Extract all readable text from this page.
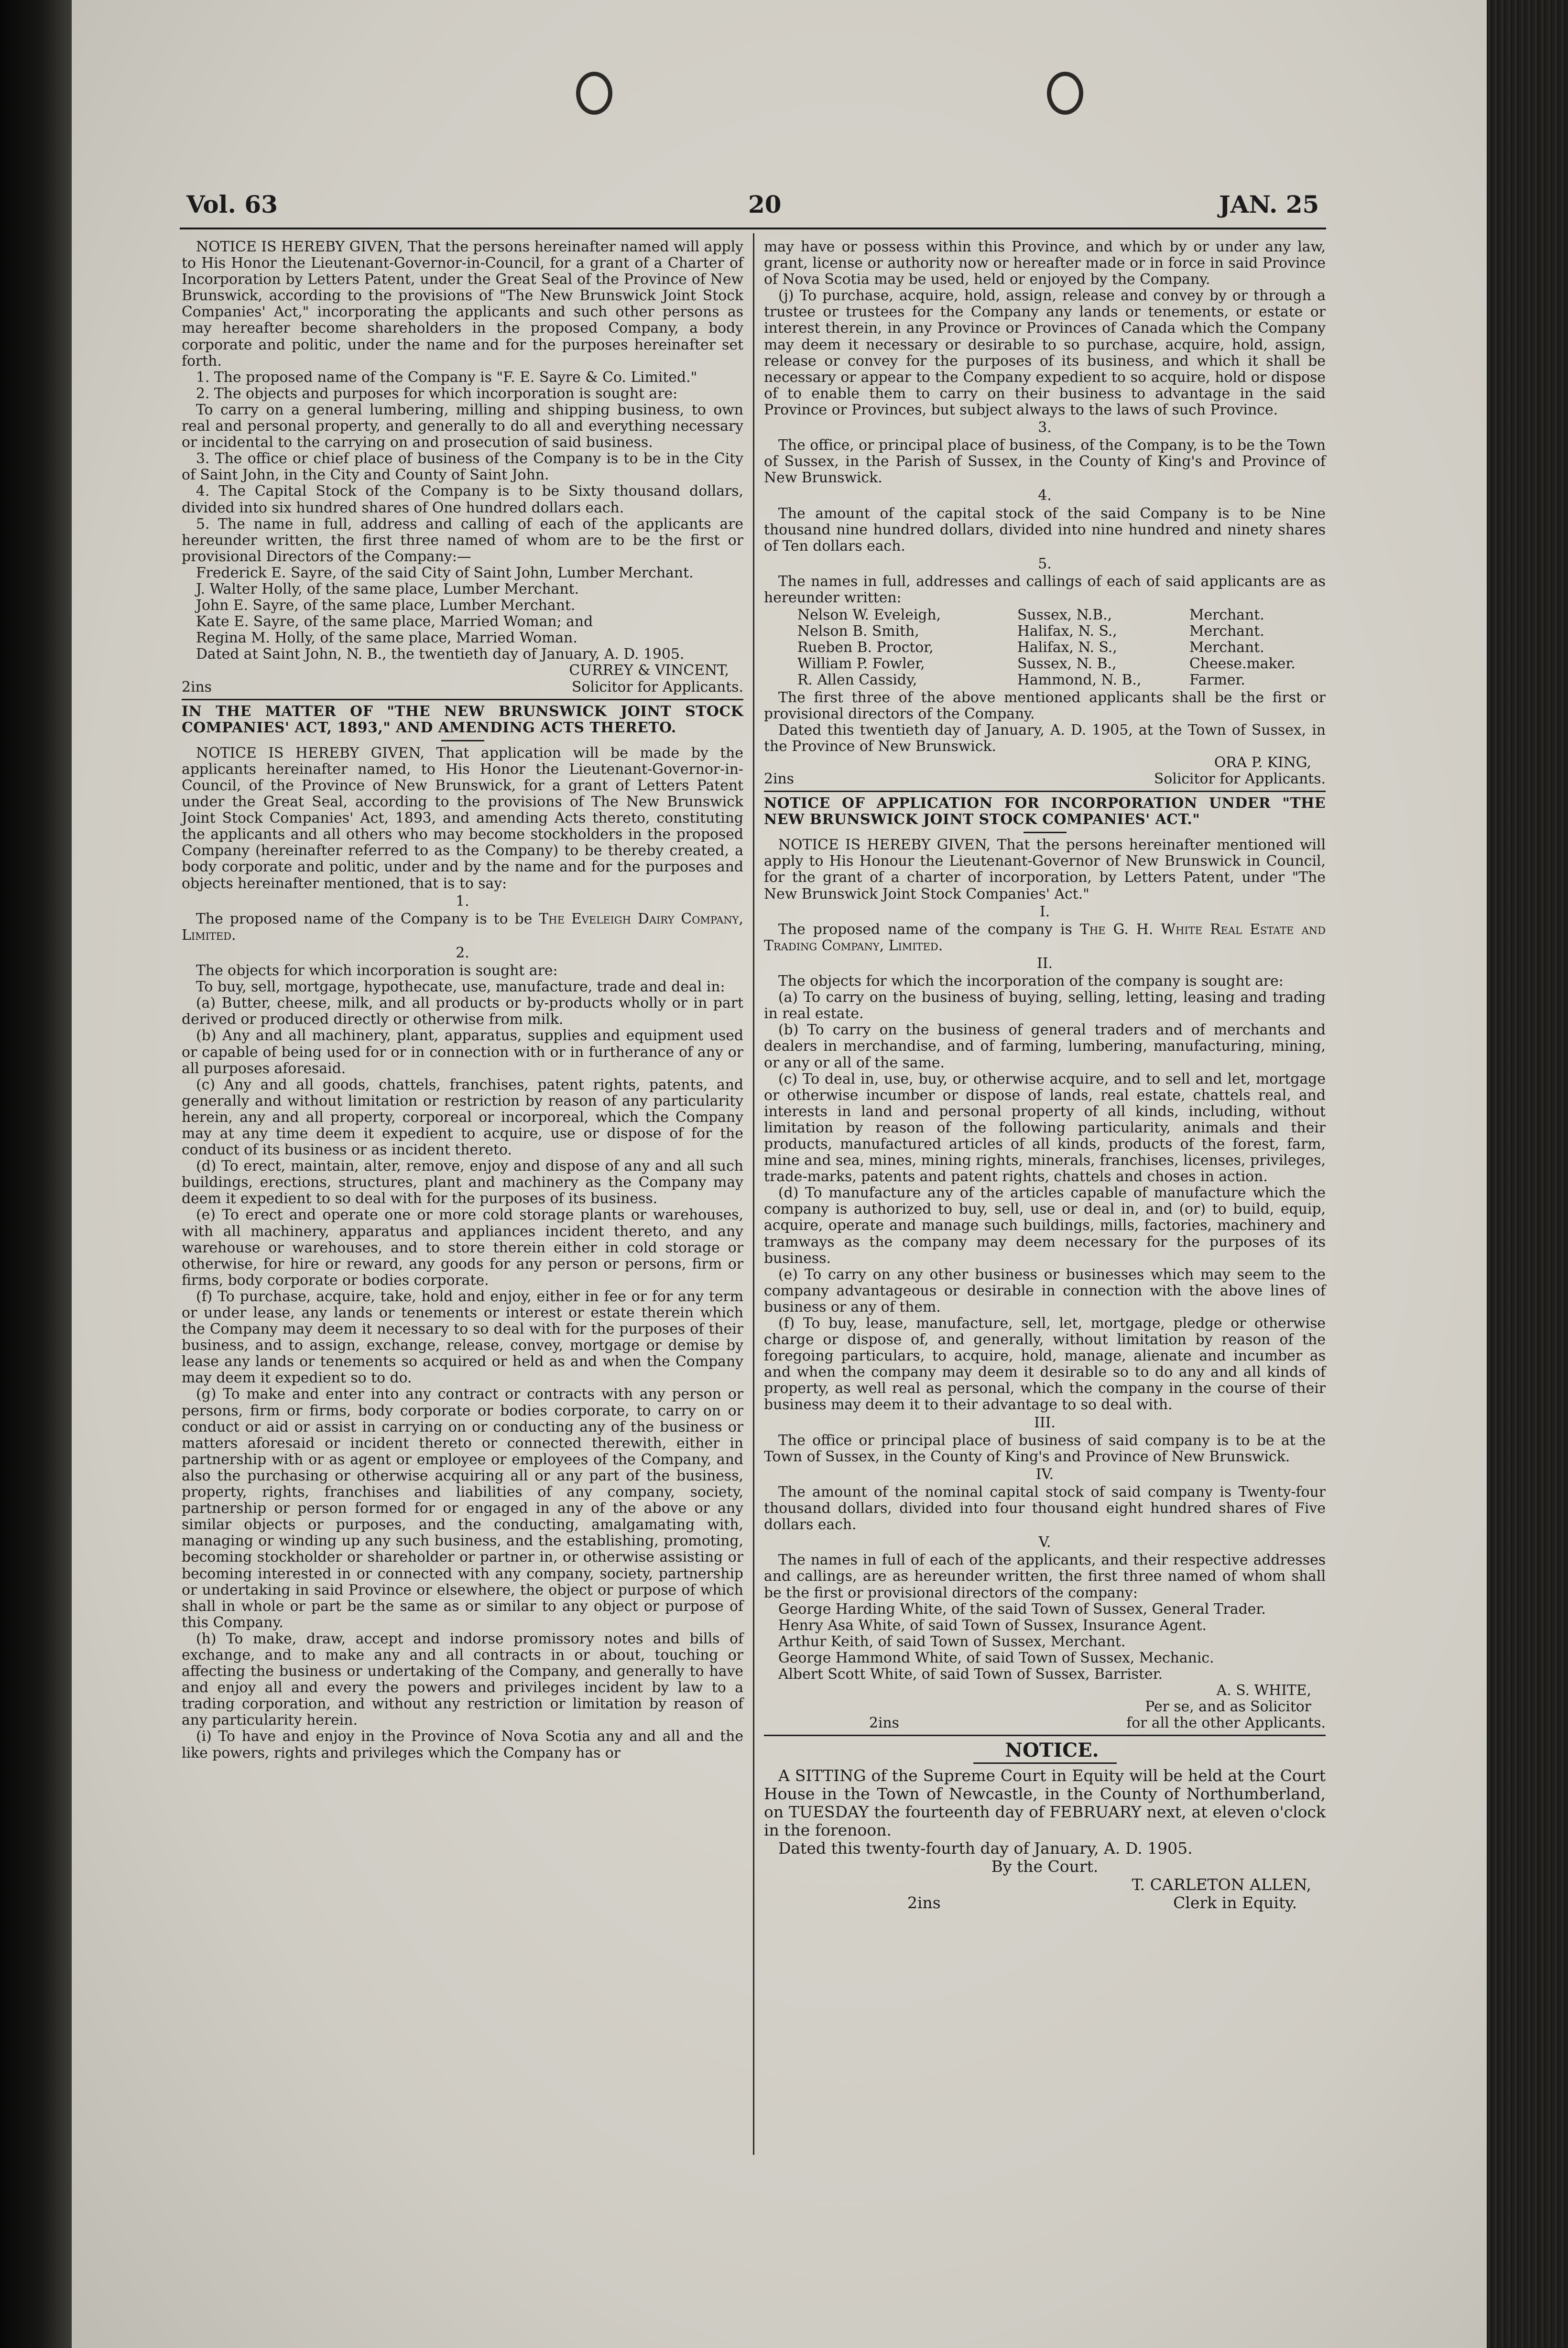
Vol. 63	20	JAN. 25

NOTICE IS HEREBY GIVEN, That the persons hereinafter named will apply to His Honor the Lieutenant-Governor-in-Council, for a grant of a Charter of Incorporation by Letters Patent, under the Great Seal of the Province of New Brunswick, according to the provisions of "The New Brunswick Joint Stock Companies' Act," incorporating the applicants and such other persons as may hereafter become shareholders in the proposed Company, a body corporate and politic, under the name and for the purposes hereinafter set forth.

1. The proposed name of the Company is "F. E. Sayre & Co. Limited."

2. The objects and purposes for which incorporation is sought are:

To carry on a general lumbering, milling and shipping business, to own real and personal property, and generally to do all and everything necessary or incidental to the carrying on and prosecution of said business.

3. The office or chief place of business of the Company is to be in the City of Saint John, in the City and County of Saint John.

4. The Capital Stock of the Company is to be Sixty thousand dollars, divided into six hundred shares of One hundred dollars each.

5. The name in full, address and calling of each of the applicants are hereunder written, the first three named of whom are to be the first or provisional Directors of the Company:—

Frederick E. Sayre, of the said City of Saint John, Lumber Merchant.

J. Walter Holly, of the same place, Lumber Merchant.

John E. Sayre, of the same place, Lumber Merchant.

Kate E. Sayre, of the same place, Married Woman; and

Regina M. Holly, of the same place, Married Woman.

Dated at Saint John, N. B., the twentieth day of January, A. D. 1905.

CURREY & VINCENT,

2ins	Solicitor for Applicants.

IN THE MATTER OF "THE NEW BRUNSWICK JOINT STOCK COMPANIES' ACT, 1893," AND AMENDING ACTS THERETO.

NOTICE IS HEREBY GIVEN, That application will be made by the applicants hereinafter named, to His Honor the Lieutenant-Governor-in-Council, of the Province of New Brunswick, for a grant of Letters Patent under the Great Seal, according to the provisions of The New Brunswick Joint Stock Companies' Act, 1893, and amending Acts thereto, constituting the applicants and all others who may become stockholders in the proposed Company (hereinafter referred to as the Company) to be thereby created, a body corporate and politic, under and by the name and for the purposes and objects hereinafter mentioned, that is to say:

1.

The proposed name of the Company is to be The Eveleigh Dairy Company, Limited.

2.

The objects for which incorporation is sought are:

To buy, sell, mortgage, hypothecate, use, manufacture, trade and deal in:

(a) Butter, cheese, milk, and all products or by-products wholly or in part derived or produced directly or otherwise from milk.

(b) Any and all machinery, plant, apparatus, supplies and equipment used or capable of being used for or in connection with or in furtherance of any or all purposes aforesaid.

(c) Any and all goods, chattels, franchises, patent rights, patents, and generally and without limitation or restriction by reason of any particularity herein, any and all property, corporeal or incorporeal, which the Company may at any time deem it expedient to acquire, use or dispose of for the conduct of its business or as incident thereto.

(d) To erect, maintain, alter, remove, enjoy and dispose of any and all such buildings, erections, structures, plant and machinery as the Company may deem it expedient to so deal with for the purposes of its business.

(e) To erect and operate one or more cold storage plants or warehouses, with all machinery, apparatus and appliances incident thereto, and any warehouse or warehouses, and to store therein either in cold storage or otherwise, for hire or reward, any goods for any person or persons, firm or firms, body corporate or bodies corporate.

(f) To purchase, acquire, take, hold and enjoy, either in fee or for any term or under lease, any lands or tenements or interest or estate therein which the Company may deem it necessary to so deal with for the purposes of their business, and to assign, exchange, release, convey, mortgage or demise by lease any lands or tenements so acquired or held as and when the Company may deem it expedient so to do.

(g) To make and enter into any contract or contracts with any person or persons, firm or firms, body corporate or bodies corporate, to carry on or conduct or aid or assist in carrying on or conducting any of the business or matters aforesaid or incident thereto or connected therewith, either in partnership with or as agent or employee or employees of the Company, and also the purchasing or otherwise acquiring all or any part of the business, property, rights, franchises and liabilities of any company, society, partnership or person formed for or engaged in any of the above or any similar objects or purposes, and the conducting, amalgamating with, managing or winding up any such business, and the establishing, promoting, becoming stockholder or shareholder or partner in, or otherwise assisting or becoming interested in or connected with any company, society, partnership or undertaking in said Province or elsewhere, the object or purpose of which shall in whole or part be the same as or similar to any object or purpose of this Company.

(h) To make, draw, accept and indorse promissory notes and bills of exchange, and to make any and all contracts in or about, touching or affecting the business or undertaking of the Company, and generally to have and enjoy all and every the powers and privileges incident by law to a trading corporation, and without any restriction or limitation by reason of any particularity herein.

(i) To have and enjoy in the Province of Nova Scotia any and all and the like powers, rights and privileges which the Company has or

may have or possess within this Province, and which by or under any law, grant, license or authority now or hereafter made or in force in said Province of Nova Scotia may be used, held or enjoyed by the Company.

(j) To purchase, acquire, hold, assign, release and convey by or through a trustee or trustees for the Company any lands or tenements, or estate or interest therein, in any Province or Provinces of Canada which the Company may deem it necessary or desirable to so purchase, acquire, hold, assign, release or convey for the purposes of its business, and which it shall be necessary or appear to the Company expedient to so acquire, hold or dispose of to enable them to carry on their business to advantage in the said Province or Provinces, but subject always to the laws of such Province.

3.

The office, or principal place of business, of the Company, is to be the Town of Sussex, in the Parish of Sussex, in the County of King's and Province of New Brunswick.

4.

The amount of the capital stock of the said Company is to be Nine thousand nine hundred dollars, divided into nine hundred and ninety shares of Ten dollars each.

5.

The names in full, addresses and callings of each of said applicants are as hereunder written:

Nelson W. Eveleigh,	Sussex, N.B.,	Merchant.
Nelson B. Smith,	Halifax, N. S.,	Merchant.
Rueben B. Proctor,	Halifax, N. S.,	Merchant.
William P. Fowler,	Sussex, N. B.,	Cheese.maker.
R. Allen Cassidy,	Hammond, N. B.,	Farmer.

The first three of the above mentioned applicants shall be the first or provisional directors of the Company.

Dated this twentieth day of January, A. D. 1905, at the Town of Sussex, in the Province of New Brunswick.

ORA P. KING,

2ins	Solicitor for Applicants.

NOTICE OF APPLICATION FOR INCORPORATION UNDER "THE NEW BRUNSWICK JOINT STOCK COMPANIES' ACT."

NOTICE IS HEREBY GIVEN, That the persons hereinafter mentioned will apply to His Honour the Lieutenant-Governor of New Brunswick in Council, for the grant of a charter of incorporation, by Letters Patent, under "The New Brunswick Joint Stock Companies' Act."

I.

The proposed name of the company is The G. H. White Real Estate and Trading Company, Limited.

II.

The objects for which the incorporation of the company is sought are:

(a) To carry on the business of buying, selling, letting, leasing and trading in real estate.

(b) To carry on the business of general traders and of merchants and dealers in merchandise, and of farming, lumbering, manufacturing, mining, or any or all of the same.

(c) To deal in, use, buy, or otherwise acquire, and to sell and let, mortgage or otherwise incumber or dispose of lands, real estate, chattels real, and interests in land and personal property of all kinds, including, without limitation by reason of the following particularity, animals and their products, manufactured articles of all kinds, products of the forest, farm, mine and sea, mines, mining rights, minerals, franchises, licenses, privileges, trade-marks, patents and patent rights, chattels and choses in action.

(d) To manufacture any of the articles capable of manufacture which the company is authorized to buy, sell, use or deal in, and (or) to build, equip, acquire, operate and manage such buildings, mills, factories, machinery and tramways as the company may deem necessary for the purposes of its business.

(e) To carry on any other business or businesses which may seem to the company advantageous or desirable in connection with the above lines of business or any of them.

(f) To buy, lease, manufacture, sell, let, mortgage, pledge or otherwise charge or dispose of, and generally, without limitation by reason of the foregoing particulars, to acquire, hold, manage, alienate and incumber as and when the company may deem it desirable so to do any and all kinds of property, as well real as personal, which the company in the course of their business may deem it to their advantage to so deal with.

III.

The office or principal place of business of said company is to be at the Town of Sussex, in the County of King's and Province of New Brunswick.

IV.

The amount of the nominal capital stock of said company is Twenty-four thousand dollars, divided into four thousand eight hundred shares of Five dollars each.

V.

The names in full of each of the applicants, and their respective addresses and callings, are as hereunder written, the first three named of whom shall be the first or provisional directors of the company:

George Harding White, of the said Town of Sussex, General Trader.

Henry Asa White, of said Town of Sussex, Insurance Agent.

Arthur Keith, of said Town of Sussex, Merchant.

George Hammond White, of said Town of Sussex, Mechanic.

Albert Scott White, of said Town of Sussex, Barrister.

A. S. WHITE,

Per se, and as Solicitor

2ins	for all the other Applicants.

NOTICE.

A SITTING of the Supreme Court in Equity will be held at the Court House in the Town of Newcastle, in the County of Northumberland, on TUESDAY the fourteenth day of FEBRUARY next, at eleven o'clock in the forenoon.

Dated this twenty-fourth day of January, A. D. 1905.

By the Court.

T. CARLETON ALLEN,

2ins	Clerk in Equity.
